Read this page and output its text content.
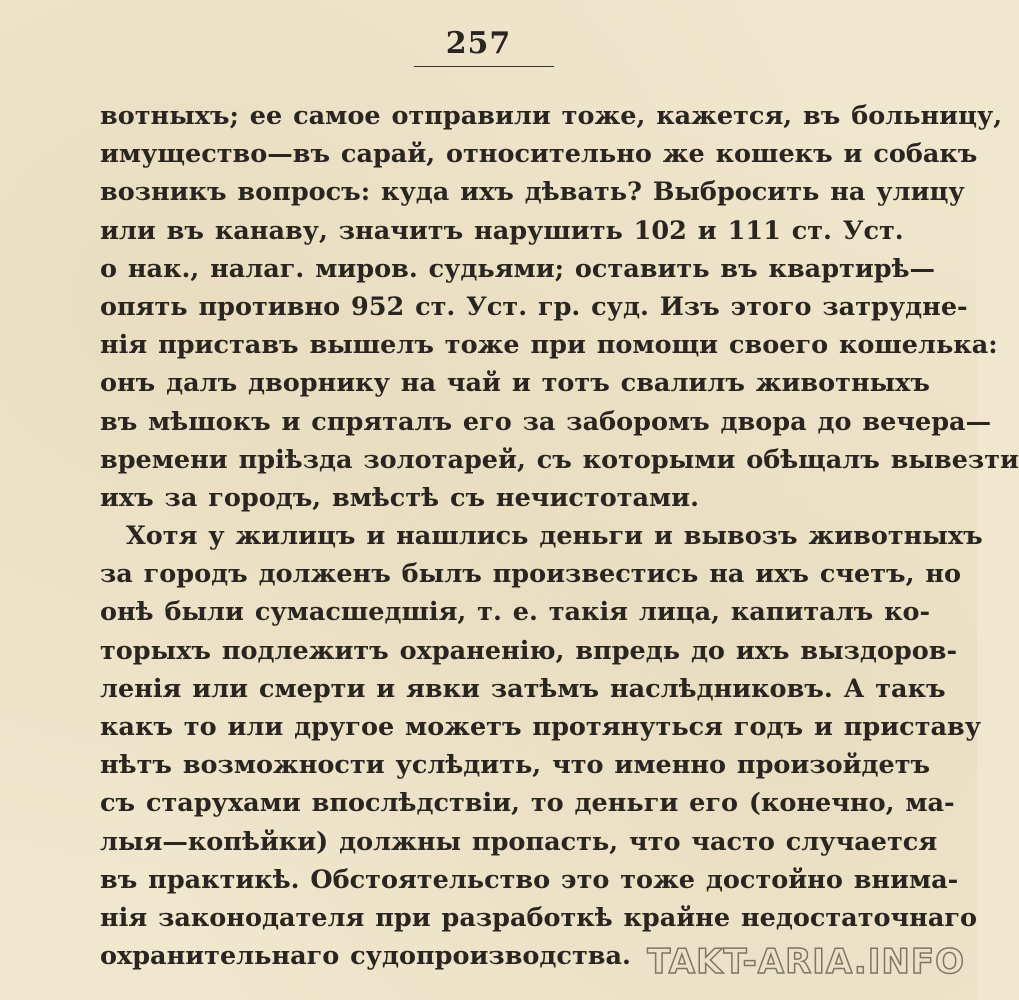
257
вотныхъ; ее самое отправили тоже, кажется, въ больницу,
имущество—въ сарай, относительно же кошекъ и собакъ
возникъ вопросъ: куда ихъ дѣвать? Выбросить на улицу
или въ канаву, значитъ нарушить 102 и 111 ст. Уст.
о нак., налаг. миров. судьями; оставить въ квартирѣ—
опять противно 952 ст. Уст. гр. суд. Изъ этого затрудне-
нія приставъ вышелъ тоже при помощи своего кошелька:
онъ далъ дворнику на чай и тотъ свалилъ животныхъ
въ мѣшокъ и спряталъ его за заборомъ двора до вечера—
времени пріѣзда золотарей, съ которыми обѣщалъ вывезти
ихъ за городъ, вмѣстѣ съ нечистотами.
Хотя у жилицъ и нашлись деньги и вывозъ животныхъ
за городъ долженъ былъ произвестись на ихъ счетъ, но
онѣ были сумасшедшія, т. е. такія лица, капиталъ ко-
торыхъ подлежитъ охраненію, впредь до ихъ выздоров-
ленія или смерти и явки затѣмъ наслѣдниковъ. А такъ
какъ то или другое можетъ протянуться годъ и приставу
нѣтъ возможности услѣдить, что именно произойдетъ
съ старухами впослѣдствіи, то деньги его (конечно, ма-
лыя—копѣйки) должны пропасть, что часто случается
въ практикѣ. Обстоятельство это тоже достойно внима-
нія законодателя при разработкѣ крайне недостаточнаго
охранительнаго судопроизводства. TAKT-ARIA.INFO
